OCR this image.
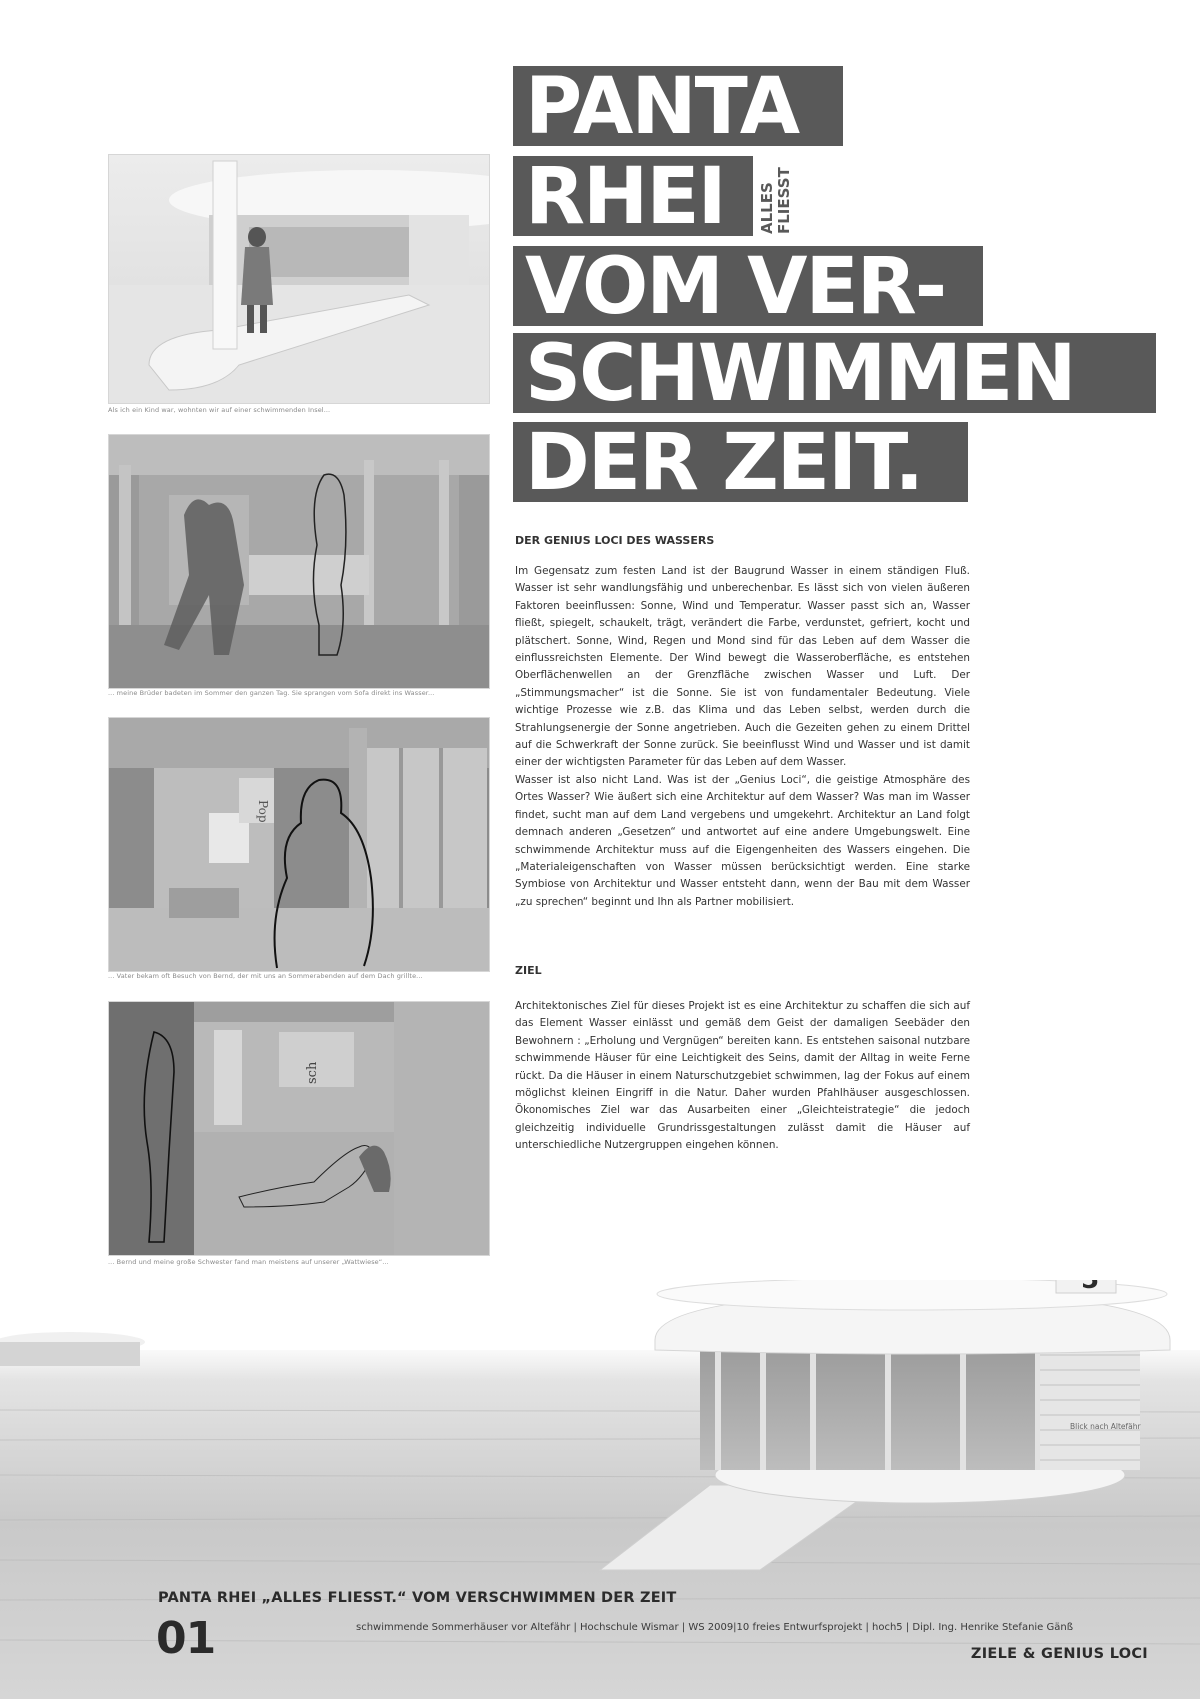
Als ich ein Kind war, wohnten wir auf einer schwimmenden Insel...
... meine Brüder badeten im Sommer den ganzen Tag. Sie sprangen vom Sofa direkt ins Wasser...
Pop
... Vater bekam oft Besuch von Bernd, der mit uns an Sommerabenden auf dem Dach grillte...
sch
... Bernd und meine große Schwester fand man meistens auf unserer „Wattwiese“...
PANTA
RHEI	ALLES FLIESST
VOM VER-
SCHWIMMEN
DER ZEIT.
DER GENIUS LOCI DES WASSERS

Im Gegensatz zum festen Land ist der Baugrund Wasser in einem ständigen Fluß. Wasser ist sehr wandlungsfähig und unberechenbar. Es lässt sich von vielen äußeren Faktoren beeinflussen: Sonne, Wind und Temperatur. Wasser passt sich an, Wasser fließt, spiegelt, schaukelt, trägt, verändert die Farbe, verdunstet, gefriert, kocht und plätschert. Sonne, Wind, Regen und Mond sind für das Leben auf dem Wasser die einflussreichsten Elemente. Der Wind bewegt die Wasseroberfläche, es entstehen Oberflächenwellen an der Grenzfläche zwischen Wasser und Luft. Der „Stimmungsmacher“ ist die Sonne. Sie ist von fundamentaler Bedeutung. Viele wichtige Prozesse wie z.B. das Klima und das Leben selbst, werden durch die Strahlungsenergie der Sonne angetrieben. Auch die Gezeiten gehen zu einem Drittel auf die Schwerkraft der Sonne zurück. Sie beeinflusst Wind und Wasser und ist damit einer der wichtigsten Parameter für das Leben auf dem Wasser.

Wasser ist also nicht Land. Was ist der „Genius Loci“, die geistige Atmosphäre des Ortes Wasser? Wie äußert sich eine Architektur auf dem Wasser? Was man im Wasser findet, sucht man auf dem Land vergebens und umgekehrt. Architektur an Land folgt demnach anderen „Gesetzen“ und antwortet auf eine andere Umgebungswelt. Eine schwimmende Architektur muss auf die Eigengenheiten des Wassers eingehen. Die „Materialeigenschaften von Wasser müssen berücksichtigt werden. Eine starke Symbiose von Architektur und Wasser entsteht dann, wenn der Bau mit dem Wasser „zu sprechen“ beginnt und Ihn als Partner mobilisiert.

ZIEL

Architektonisches Ziel für dieses Projekt ist es eine Architektur zu schaffen die sich auf das Element Wasser einlässt und gemäß dem Geist der damaligen Seebäder den Bewohnern : „Erholung und Vergnügen“ bereiten kann. Es entstehen saisonal nutzbare schwimmende Häuser für eine Leichtigkeit des Seins, damit der Alltag in weite Ferne rückt. Da die Häuser in einem Naturschutzgebiet schwimmen, lag der Fokus auf einem möglichst kleinen Eingriff in die Natur. Daher wurden Pfahlhäuser ausgeschlossen. Ökonomisches Ziel war das Ausarbeiten einer „Gleichteistrategie“ die jedoch gleichzeitig individuelle Grundrissgestaltungen zulässt damit die Häuser auf unterschiedliche Nutzergruppen eingehen können.

5
Blick nach Altefähr
PANTA RHEI „ALLES FLIESST.“ VOM VERSCHWIMMEN DER ZEIT
01	schwimmende Sommerhäuser vor Altefähr | Hochschule Wismar | WS 2009|10 freies Entwurfsprojekt | hoch5 | Dipl. Ing. Henrike Stefanie Gänß
ZIELE & GENIUS LOCI
